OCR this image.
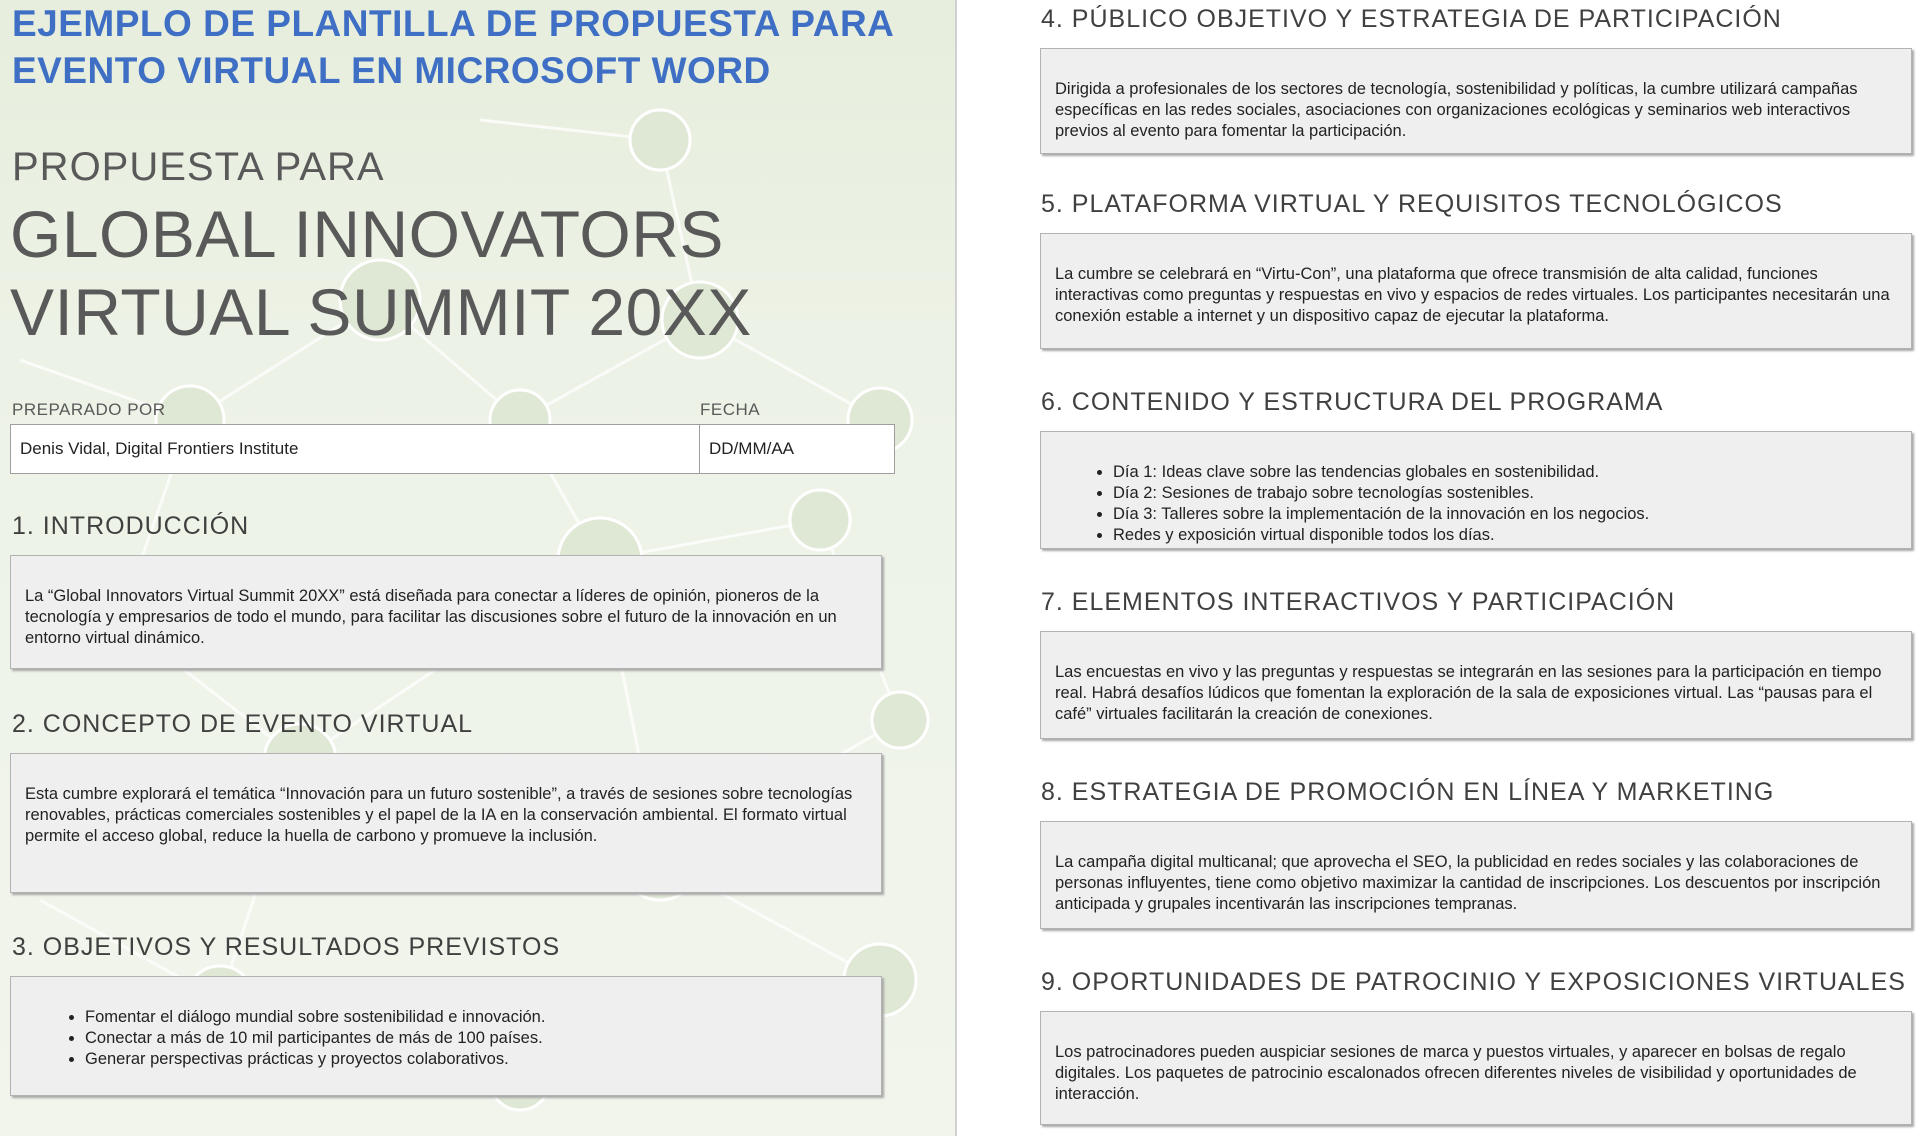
EJEMPLO DE PLANTILLA DE PROPUESTA PARA EVENTO VIRTUAL EN MICROSOFT WORD
PROPUESTA PARA
GLOBAL INNOVATORS
VIRTUAL SUMMIT 20XX
PREPARADO POR	FECHA
Denis Vidal, Digital Frontiers Institute	DD/MM/AA
1. INTRODUCCIÓN

La “Global Innovators Virtual Summit 20XX” está diseñada para conectar a líderes de opinión, pioneros de la tecnología y empresarios de todo el mundo, para facilitar las discusiones sobre el futuro de la innovación en un entorno virtual dinámico.

2. CONCEPTO DE EVENTO VIRTUAL

Esta cumbre explorará el temática “Innovación para un futuro sostenible”, a través de sesiones sobre tecnologías renovables, prácticas comerciales sostenibles y el papel de la IA en la conservación ambiental. El formato virtual permite el acceso global, reduce la huella de carbono y promueve la inclusión.

3. OBJETIVOS Y RESULTADOS PREVISTOS
• Fomentar el diálogo mundial sobre sostenibilidad e innovación.
• Conectar a más de 10 mil participantes de más de 100 países.
• Generar perspectivas prácticas y proyectos colaborativos.
4. PÚBLICO OBJETIVO Y ESTRATEGIA DE PARTICIPACIÓN

Dirigida a profesionales de los sectores de tecnología, sostenibilidad y políticas, la cumbre utilizará campañas específicas en las redes sociales, asociaciones con organizaciones ecológicas y seminarios web interactivos previos al evento para fomentar la participación.

5. PLATAFORMA VIRTUAL Y REQUISITOS TECNOLÓGICOS

La cumbre se celebrará en “Virtu-Con”, una plataforma que ofrece transmisión de alta calidad, funciones interactivas como preguntas y respuestas en vivo y espacios de redes virtuales. Los participantes necesitarán una conexión estable a internet y un dispositivo capaz de ejecutar la plataforma.

6. CONTENIDO Y ESTRUCTURA DEL PROGRAMA
• Día 1: Ideas clave sobre las tendencias globales en sostenibilidad.
• Día 2: Sesiones de trabajo sobre tecnologías sostenibles.
• Día 3: Talleres sobre la implementación de la innovación en los negocios.
• Redes y exposición virtual disponible todos los días.
7. ELEMENTOS INTERACTIVOS Y PARTICIPACIÓN

Las encuestas en vivo y las preguntas y respuestas se integrarán en las sesiones para la participación en tiempo real. Habrá desafíos lúdicos que fomentan la exploración de la sala de exposiciones virtual. Las “pausas para el café” virtuales facilitarán la creación de conexiones.

8. ESTRATEGIA DE PROMOCIÓN EN LÍNEA Y MARKETING

La campaña digital multicanal; que aprovecha el SEO, la publicidad en redes sociales y las colaboraciones de personas influyentes, tiene como objetivo maximizar la cantidad de inscripciones. Los descuentos por inscripción anticipada y grupales incentivarán las inscripciones tempranas.

9. OPORTUNIDADES DE PATROCINIO Y EXPOSICIONES VIRTUALES

Los patrocinadores pueden auspiciar sesiones de marca y puestos virtuales, y aparecer en bolsas de regalo digitales. Los paquetes de patrocinio escalonados ofrecen diferentes niveles de visibilidad y oportunidades de interacción.
